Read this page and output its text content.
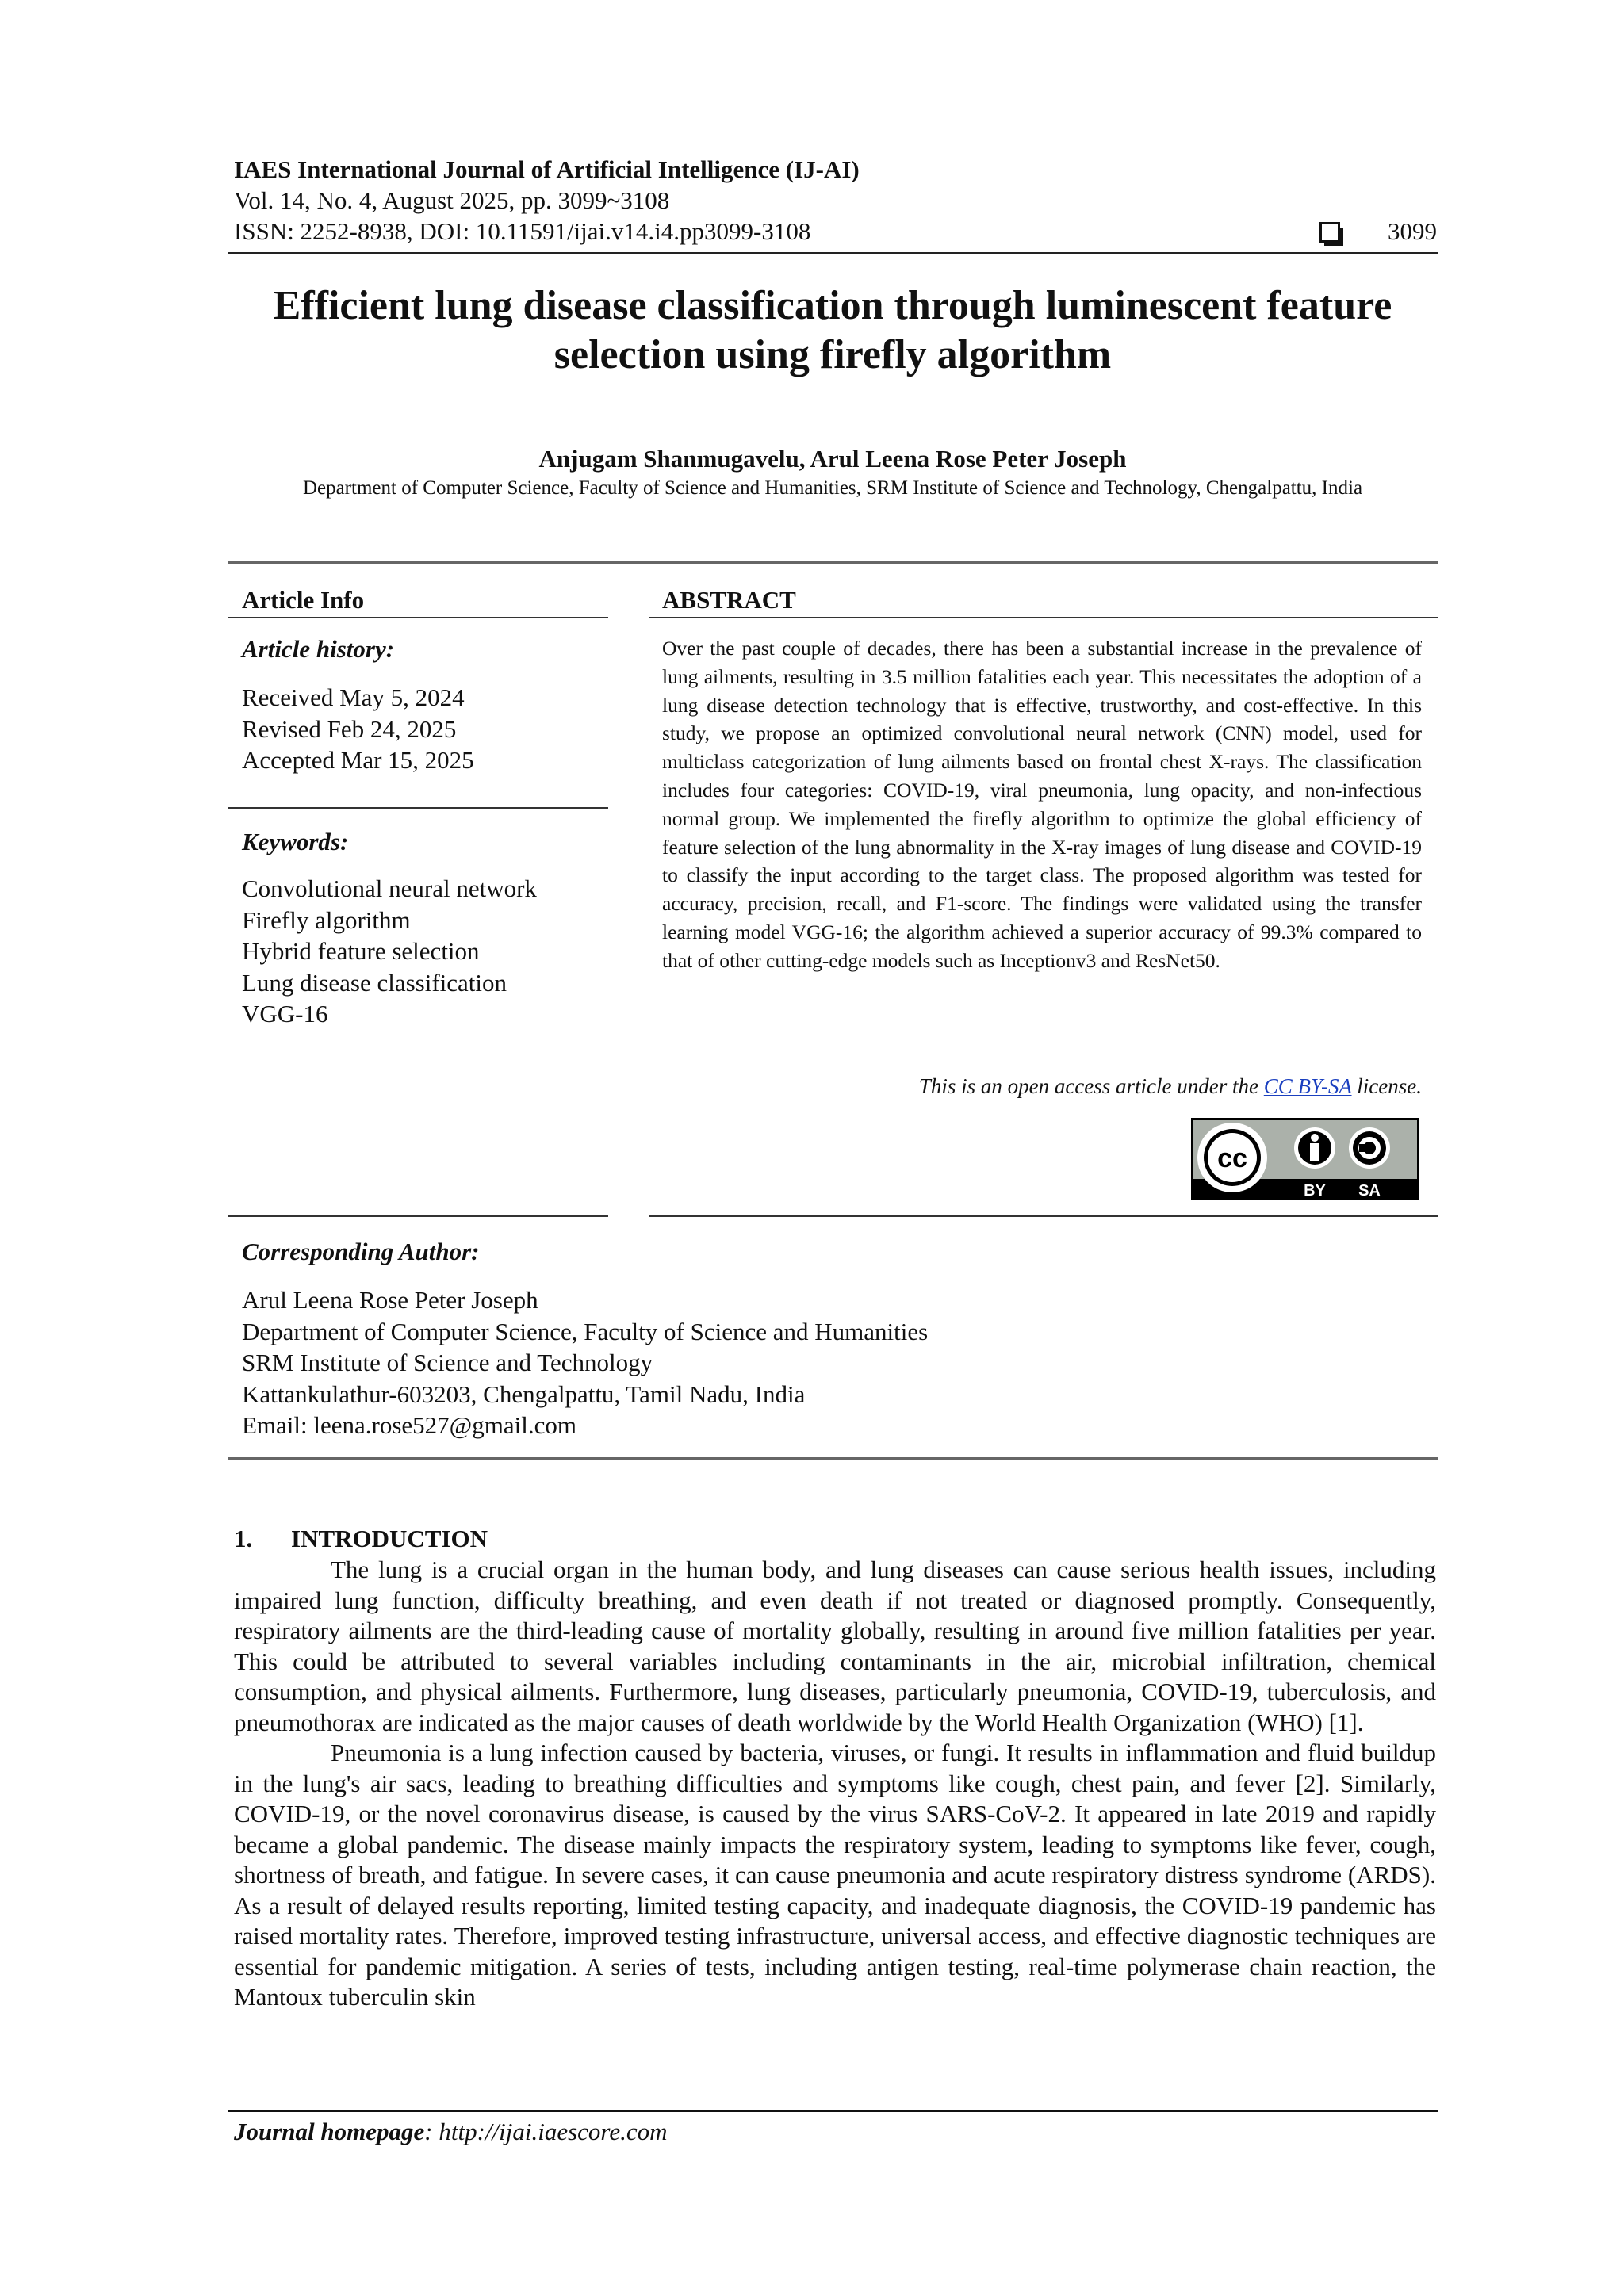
IAES International Journal of Artificial Intelligence (IJ-AI)
Vol. 14, No. 4, August 2025, pp. 3099~3108
ISSN: 2252-8938, DOI: 10.11591/ijai.v14.i4.pp3099-3108	3099
Efficient lung disease classification through luminescent feature
selection using firefly algorithm
Anjugam Shanmugavelu, Arul Leena Rose Peter Joseph
Department of Computer Science, Faculty of Science and Humanities, SRM Institute of Science and Technology, Chengalpattu, India
Article Info
Article history:
Received May 5, 2024
Revised Feb 24, 2025
Accepted Mar 15, 2025
Keywords:
Convolutional neural network
Firefly algorithm
Hybrid feature selection
Lung disease classification
VGG-16
ABSTRACT
Over the past couple of decades, there has been a substantial increase in the prevalence of lung ailments, resulting in 3.5 million fatalities each year. This necessitates the adoption of a lung disease detection technology that is effective, trustworthy, and cost-effective. In this study, we propose an optimized convolutional neural network (CNN) model, used for multiclass categorization of lung ailments based on frontal chest X-rays. The classification includes four categories: COVID-19, viral pneumonia, lung opacity, and non-infectious normal group. We implemented the firefly algorithm to optimize the global efficiency of feature selection of the lung abnormality in the X-ray images of lung disease and COVID-19 to classify the input according to the target class. The proposed algorithm was tested for accuracy, precision, recall, and F1-score. The findings were validated using the transfer learning model VGG-16; the algorithm achieved a superior accuracy of 99.3% compared to that of other cutting-edge models such as Inceptionv3 and ResNet50.
This is an open access article under the CC BY-SA license.
cc
BY SA
Corresponding Author:
Arul Leena Rose Peter Joseph
Department of Computer Science, Faculty of Science and Humanities
SRM Institute of Science and Technology
Kattankulathur-603203, Chengalpattu, Tamil Nadu, India
Email: leena.rose527@gmail.com
1. INTRODUCTION

The lung is a crucial organ in the human body, and lung diseases can cause serious health issues, including impaired lung function, difficulty breathing, and even death if not treated or diagnosed promptly. Consequently, respiratory ailments are the third-leading cause of mortality globally, resulting in around five million fatalities per year. This could be attributed to several variables including contaminants in the air, microbial infiltration, chemical consumption, and physical ailments. Furthermore, lung diseases, particularly pneumonia, COVID-19, tuberculosis, and pneumothorax are indicated as the major causes of death worldwide by the World Health Organization (WHO) [1].

Pneumonia is a lung infection caused by bacteria, viruses, or fungi. It results in inflammation and fluid buildup in the lung's air sacs, leading to breathing difficulties and symptoms like cough, chest pain, and fever [2]. Similarly, COVID-19, or the novel coronavirus disease, is caused by the virus SARS-CoV-2. It appeared in late 2019 and rapidly became a global pandemic. The disease mainly impacts the respiratory system, leading to symptoms like fever, cough, shortness of breath, and fatigue. In severe cases, it can cause pneumonia and acute respiratory distress syndrome (ARDS). As a result of delayed results reporting, limited testing capacity, and inadequate diagnosis, the COVID-19 pandemic has raised mortality rates. Therefore, improved testing infrastructure, universal access, and effective diagnostic techniques are essential for pandemic mitigation. A series of tests, including antigen testing, real-time polymerase chain reaction, the Mantoux tuberculin skin

Journal homepage: http://ijai.iaescore.com
